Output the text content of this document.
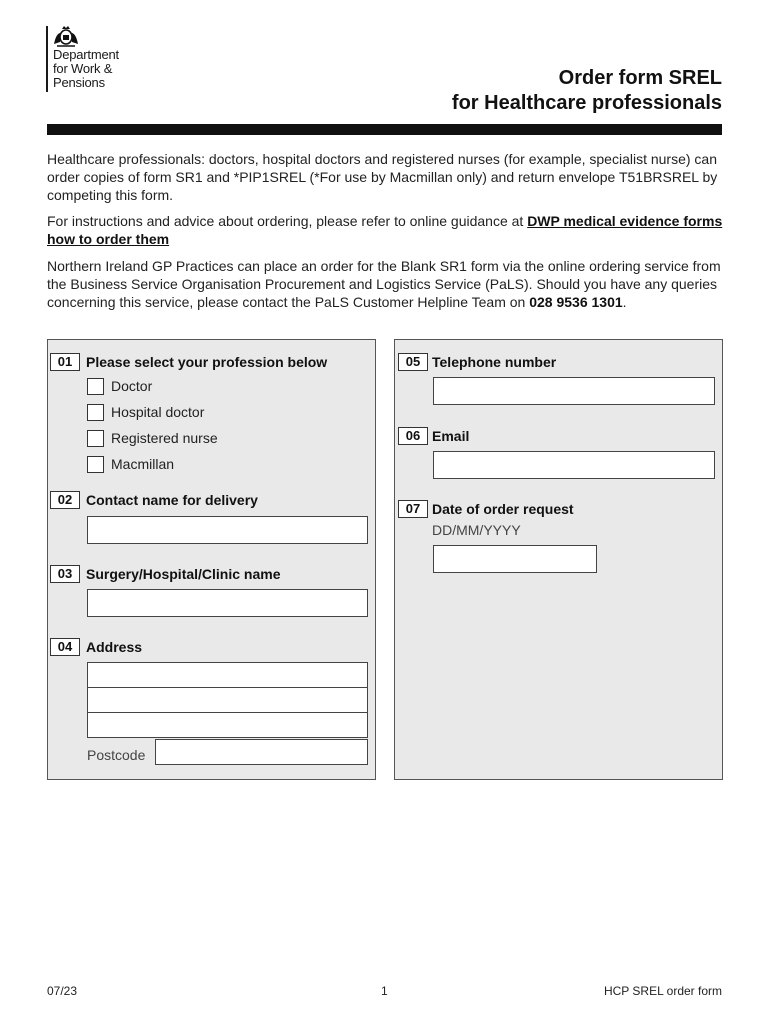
Department
for Work &
Pensions	Order form SREL
for Healthcare professionals
Healthcare professionals: doctors, hospital doctors and registered nurses (for example, specialist nurse) can order copies of form SR1 and *PIP1SREL (*For use by Macmillan only) and return envelope T51BRSREL by competing this form.
For instructions and advice about ordering, please refer to online guidance at DWP medical evidence forms how to order them
Northern Ireland GP Practices can place an order for the Blank SR1 form via the online ordering service from the Business Service Organisation Procurement and Logistics Service (PaLS). Should you have any queries concerning this service, please contact the PaLS Customer Helpline Team on 028 9536 1301.
01 Please select your profession below
Doctor
Hospital doctor
Registered nurse
Macmillan
02 Contact name for delivery
03 Surgery/Hospital/Clinic name
04 Address
Postcode
05 Telephone number
06 Email
07 Date of order request
DD/MM/YYYY
07/23	1	HCP SREL order form
